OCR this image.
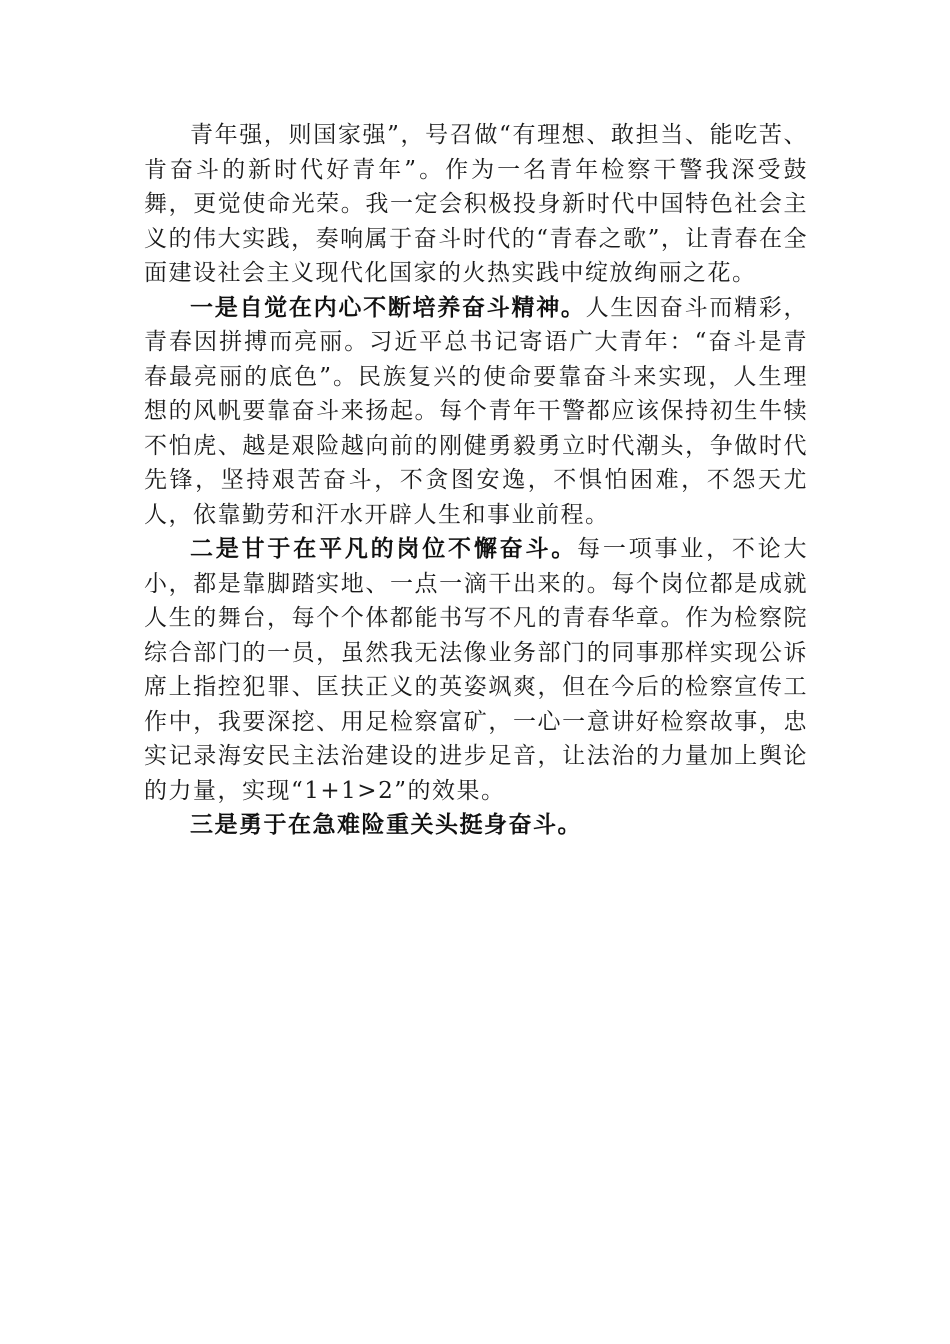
青年强，则国家强”，号召做“有理想、敢担当、能吃苦、肯奋斗的新时代好青年”。作为一名青年检察干警我深受鼓舞，更觉使命光荣。我一定会积极投身新时代中国特色社会主义的伟大实践，奏响属于奋斗时代的“青春之歌”，让青春在全面建设社会主义现代化国家的火热实践中绽放绚丽之花。

一是自觉在内心不断培养奋斗精神。人生因奋斗而精彩，青春因拼搏而亮丽。习近平总书记寄语广大青年：“奋斗是青春最亮丽的底色”。民族复兴的使命要靠奋斗来实现，人生理想的风帆要靠奋斗来扬起。每个青年干警都应该保持初生牛犊不怕虎、越是艰险越向前的刚健勇毅勇立时代潮头，争做时代先锋，坚持艰苦奋斗，不贪图安逸，不惧怕困难，不怨天尤人，依靠勤劳和汗水开辟人生和事业前程。

二是甘于在平凡的岗位不懈奋斗。每一项事业，不论大小，都是靠脚踏实地、一点一滴干出来的。每个岗位都是成就人生的舞台，每个个体都能书写不凡的青春华章。作为检察院综合部门的一员，虽然我无法像业务部门的同事那样实现公诉席上指控犯罪、匡扶正义的英姿飒爽，但在今后的检察宣传工作中，我要深挖、用足检察富矿，一心一意讲好检察故事，忠实记录海安民主法治建设的进步足音，让法治的力量加上舆论的力量，实现“1+1>2”的效果。

三是勇于在急难险重关头挺身奋斗。
